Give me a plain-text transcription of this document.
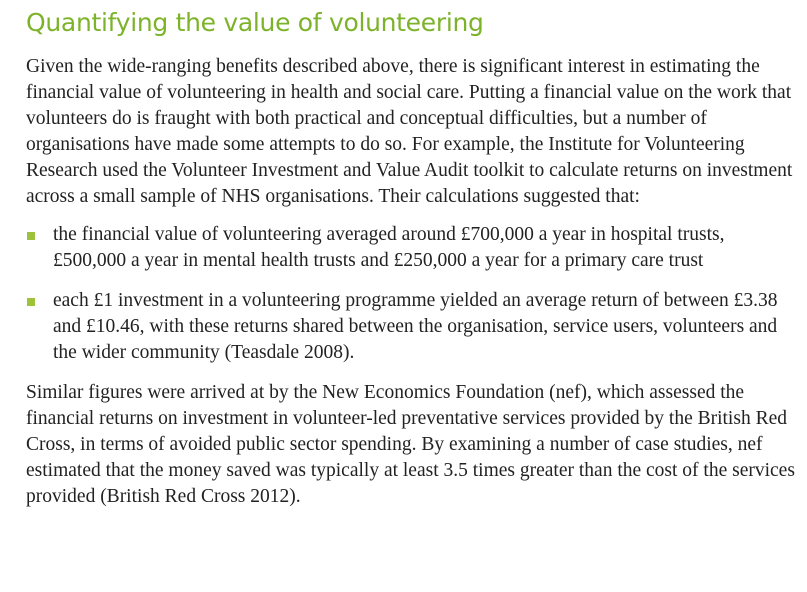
Quantifying the value of volunteering

Given the wide-ranging benefits described above, there is significant interest in estimating the financial value of volunteering in health and social care. Putting a financial value on the work that volunteers do is fraught with both practical and conceptual difficulties, but a number of organisations have made some attempts to do so. For example, the Institute for Volunteering Research used the Volunteer Investment and Value Audit toolkit to calculate returns on investment across a small sample of NHS organisations. Their calculations suggested that:

the financial value of volunteering averaged around £700,000 a year in hospital trusts, £500,000 a year in mental health trusts and £250,000 a year for a primary care trust
each £1 investment in a volunteering programme yielded an average return of between £3.38 and £10.46, with these returns shared between the organisation, service users, volunteers and the wider community (Teasdale 2008).

Similar figures were arrived at by the New Economics Foundation (nef), which assessed the financial returns on investment in volunteer-led preventative services provided by the British Red Cross, in terms of avoided public sector spending. By examining a number of case studies, nef estimated that the money saved was typically at least 3.5 times greater than the cost of the services provided (British Red Cross 2012).
